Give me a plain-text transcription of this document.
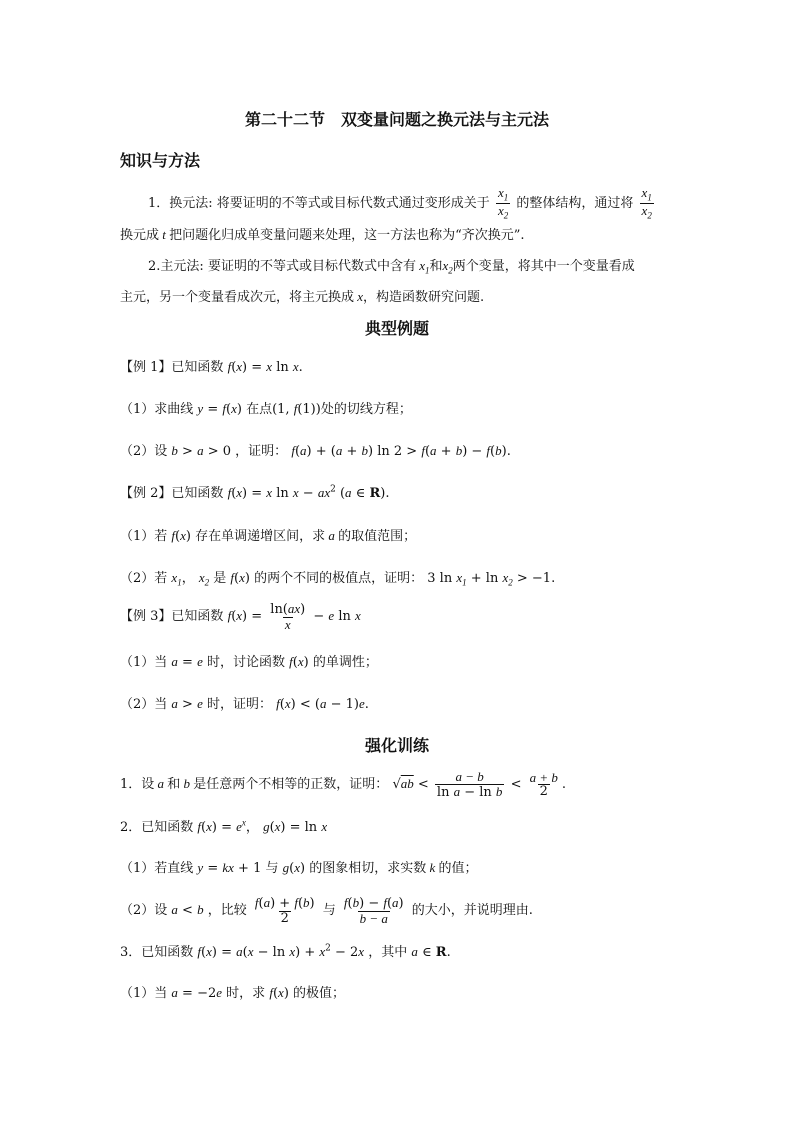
第二十二节　双变量问题之换元法与主元法
知识与方法
1．换元法: 将要证明的不等式或目标代数式通过变形成关于 $\frac{x_1}{x_2}$ 的整体结构，通过将 $\frac{x_1}{x_2}$
换元成 t 把问题化归成单变量问题来处理，这一方法也称为“齐次换元”.
2.主元法: 要证明的不等式或目标代数式中含有 $x_1$和$x_2$两个变量，将其中一个变量看成
主元，另一个变量看成次元，将主元换成 x，构造函数研究问题.
典型例题
【例 1】已知函数 f(x) = x ln x.
（1）求曲线 y = f(x) 在点(1, f(1))处的切线方程；
（2）设 b > a > 0 ，证明： f(a) + (a + b) ln 2 > f(a + b) − f(b).
【例 2】已知函数 f(x) = x $\ln x - ax^2$ (a ∈ R).
（1）若 f(x) 存在单调递增区间，求 a 的取值范围；
（2）若 $x_1$， $x_2$ 是 f(x) 的两个不同的极值点，证明： 3 $\ln x_1 + \ln x_2 > -1$.
【例 3】已知函数 $f(x) = \frac{\ln(ax)}{x} - e$ ln x
（1）当 a = e 时，讨论函数 f(x) 的单调性；
（2）当 a > e 时，证明： f(x) < (a − 1)e.
强化训练
1．设 a 和 b 是任意两个不相等的正数，证明： $√ab < \frac{a - b}{\text{ln a − ln b}} < \frac{a + b}{2}$ .
2．已知函数 $f(x) = e^x$， g(x) = ln x
（1）若直线 y = kx + 1 与 g(x) 的图象相切，求实数 k 的值；
（2）设 a < b ，比较 $\frac{f(a) + f(b)}{2}$ 与 $\frac{f(b) - f(a)}{b - a}$ 的大小，并说明理由.
3．已知函数 $f(x) = a(x - \ln x) + x^2 - 2x$ ，其中 a ∈ R.
（1）当 a = −2e 时，求 f(x) 的极值；
